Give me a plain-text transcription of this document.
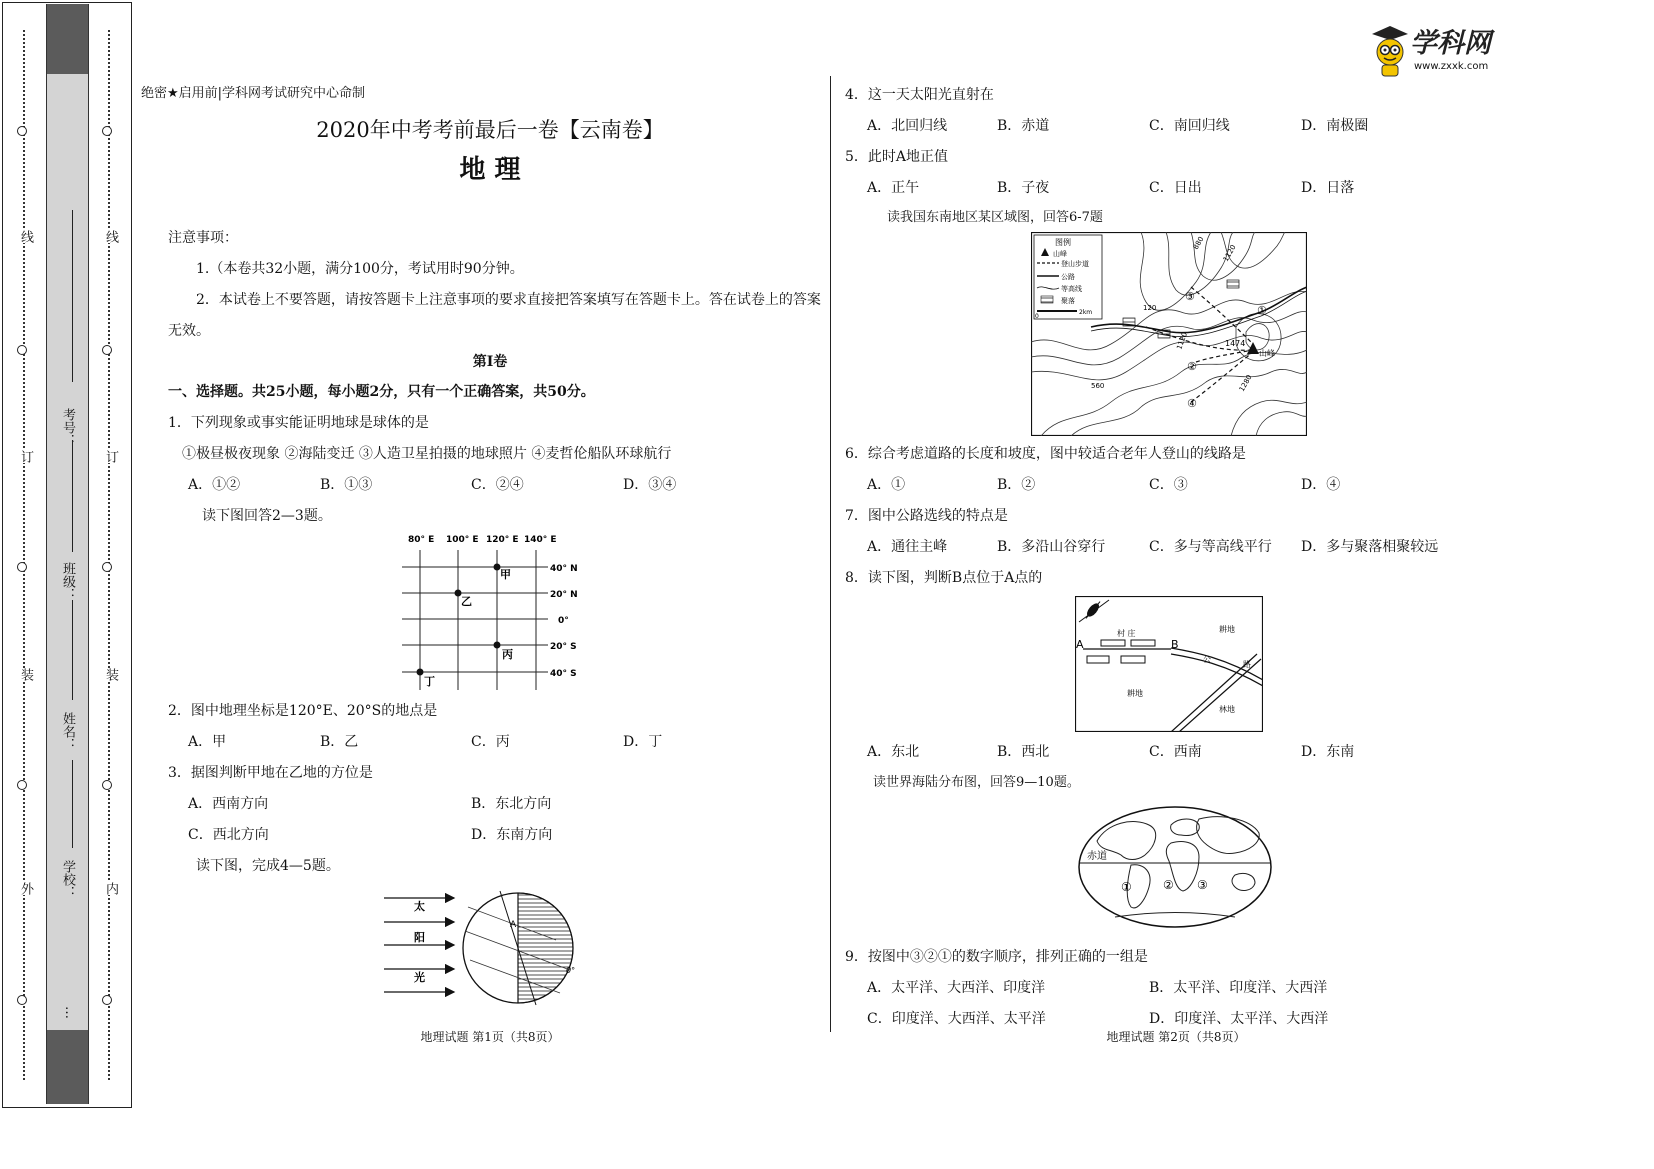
线
订
装
外
线
订
装
内
考号：
班级：
姓名：
学校：
…
学科网
www.zxxk.com
绝密★启用前|学科网考试研究中心命制
2020年中考考前最后一卷【云南卷】
地 理
注意事项：
1.（本卷共32小题，满分100分，考试用时90分钟。
2．本试卷上不要答题，请按答题卡上注意事项的要求直接把答案填写在答题卡上。答在试卷上的答案
无效。
第I卷
一、选择题。共25小题，每小题2分，只有一个正确答案，共50分。
1．下列现象或事实能证明地球是球体的是
①极昼极夜现象 ②海陆变迁 ③人造卫星拍摄的地球照片 ④麦哲伦船队环球航行
A．①②	B．①③	C．②④	D．③④
读下图回答2—3题。
80° E 100° E 120° E 140° E
40° N
20° N
0°
20° S
40° S
甲
乙
丙
丁
2．图中地理坐标是120°E、20°S的地点是
A．甲	B．乙	C．丙	D．丁
3．据图判断甲地在乙地的方位是
A．西南方向	B．东北方向
C．西北方向	D．东南方向
读下图，完成4—5题。
太
阳
光
A
0°
地理试题 第1页（共8页）
4．这一天太阳光直射在
A．北回归线	B．赤道	C．南回归线	D．南极圈
5．此时A地正值
A．正午	B．子夜	C．日出	D．日落
读我国东南地区某区域图，回答6-7题
1474
山峰
①
②
③
④
880
1120
120
1120
1280
560
图例
山峰
登山步道
公路
等高线
聚落
0
2km
6．综合考虑道路的长度和坡度，图中较适合老年人登山的线路是
A．①	B．②	C．③	D．④
7．图中公路选线的特点是
A．通往主峰	B．多沿山谷穿行	C．多与等高线平行 D．多与聚落相聚较远
8．读下图，判断B点位于A点的
A	B
村 庄
公
路
耕地
耕地
林地
A．东北	B．西北	C．西南	D．东南
读世界海陆分布图，回答9—10题。
赤道
①	② ③
9．按图中③②①的数字顺序，排列正确的一组是
A．太平洋、大西洋、印度洋	B．太平洋、印度洋、大西洋
C．印度洋、大西洋、太平洋	D．印度洋、太平洋、大西洋
地理试题 第2页（共8页）
